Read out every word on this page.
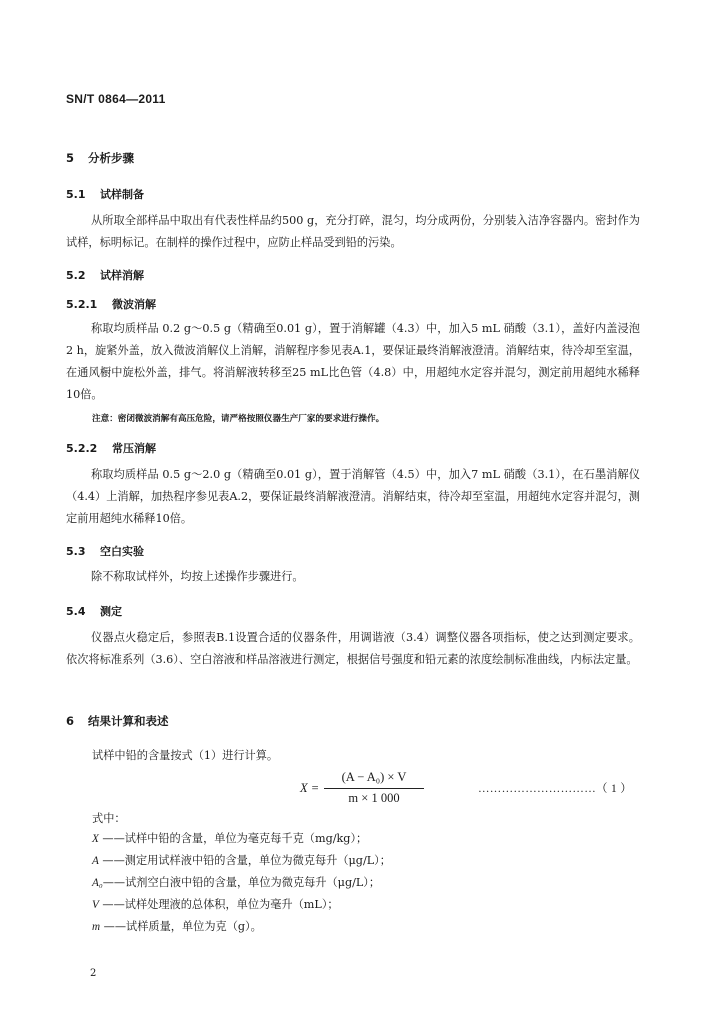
SN/T 0864—2011
5 分析步骤
5.1 试样制备
从所取全部样品中取出有代表性样品约500 g，充分打碎，混匀，均分成两份，分别装入洁净容器内。密封作为试样，标明标记。在制样的操作过程中，应防止样品受到铅的污染。
5.2 试样消解
5.2.1 微波消解
称取均质样品 0.2 g～0.5 g（精确至0.01 g），置于消解罐（4.3）中，加入5 mL 硝酸（3.1），盖好内盖浸泡2 h，旋紧外盖，放入微波消解仪上消解，消解程序参见表A.1，要保证最终消解液澄清。消解结束，待冷却至室温，在通风橱中旋松外盖，排气。将消解液转移至25 mL比色管（4.8）中，用超纯水定容并混匀，测定前用超纯水稀释10倍。
注意：密闭微波消解有高压危险，请严格按照仪器生产厂家的要求进行操作。
5.2.2 常压消解
称取均质样品 0.5 g～2.0 g（精确至0.01 g），置于消解管（4.5）中，加入7 mL 硝酸（3.1），在石墨消解仪（4.4）上消解，加热程序参见表A.2，要保证最终消解液澄清。消解结束，待冷却至室温，用超纯水定容并混匀，测定前用超纯水稀释10倍。
5.3 空白实验
除不称取试样外，均按上述操作步骤进行。
5.4 测定
仪器点火稳定后，参照表B.1设置合适的仪器条件，用调谐液（3.4）调整仪器各项指标，使之达到测定要求。依次将标准系列（3.6）、空白溶液和样品溶液进行测定，根据信号强度和铅元素的浓度绘制标准曲线，内标法定量。
6 结果计算和表述
试样中铅的含量按式（1）进行计算。
X =
(A − A₀) × V
m × 1 000
…………………………（ 1 ）
式中：
X ——试样中铅的含量，单位为毫克每千克（mg/kg）；
A ——测定用试样液中铅的含量，单位为微克每升（μg/L）；
A₀——试剂空白液中铅的含量，单位为微克每升（μg/L）；
V ——试样处理液的总体积，单位为毫升（mL）；
m ——试样质量，单位为克（g）。
2
